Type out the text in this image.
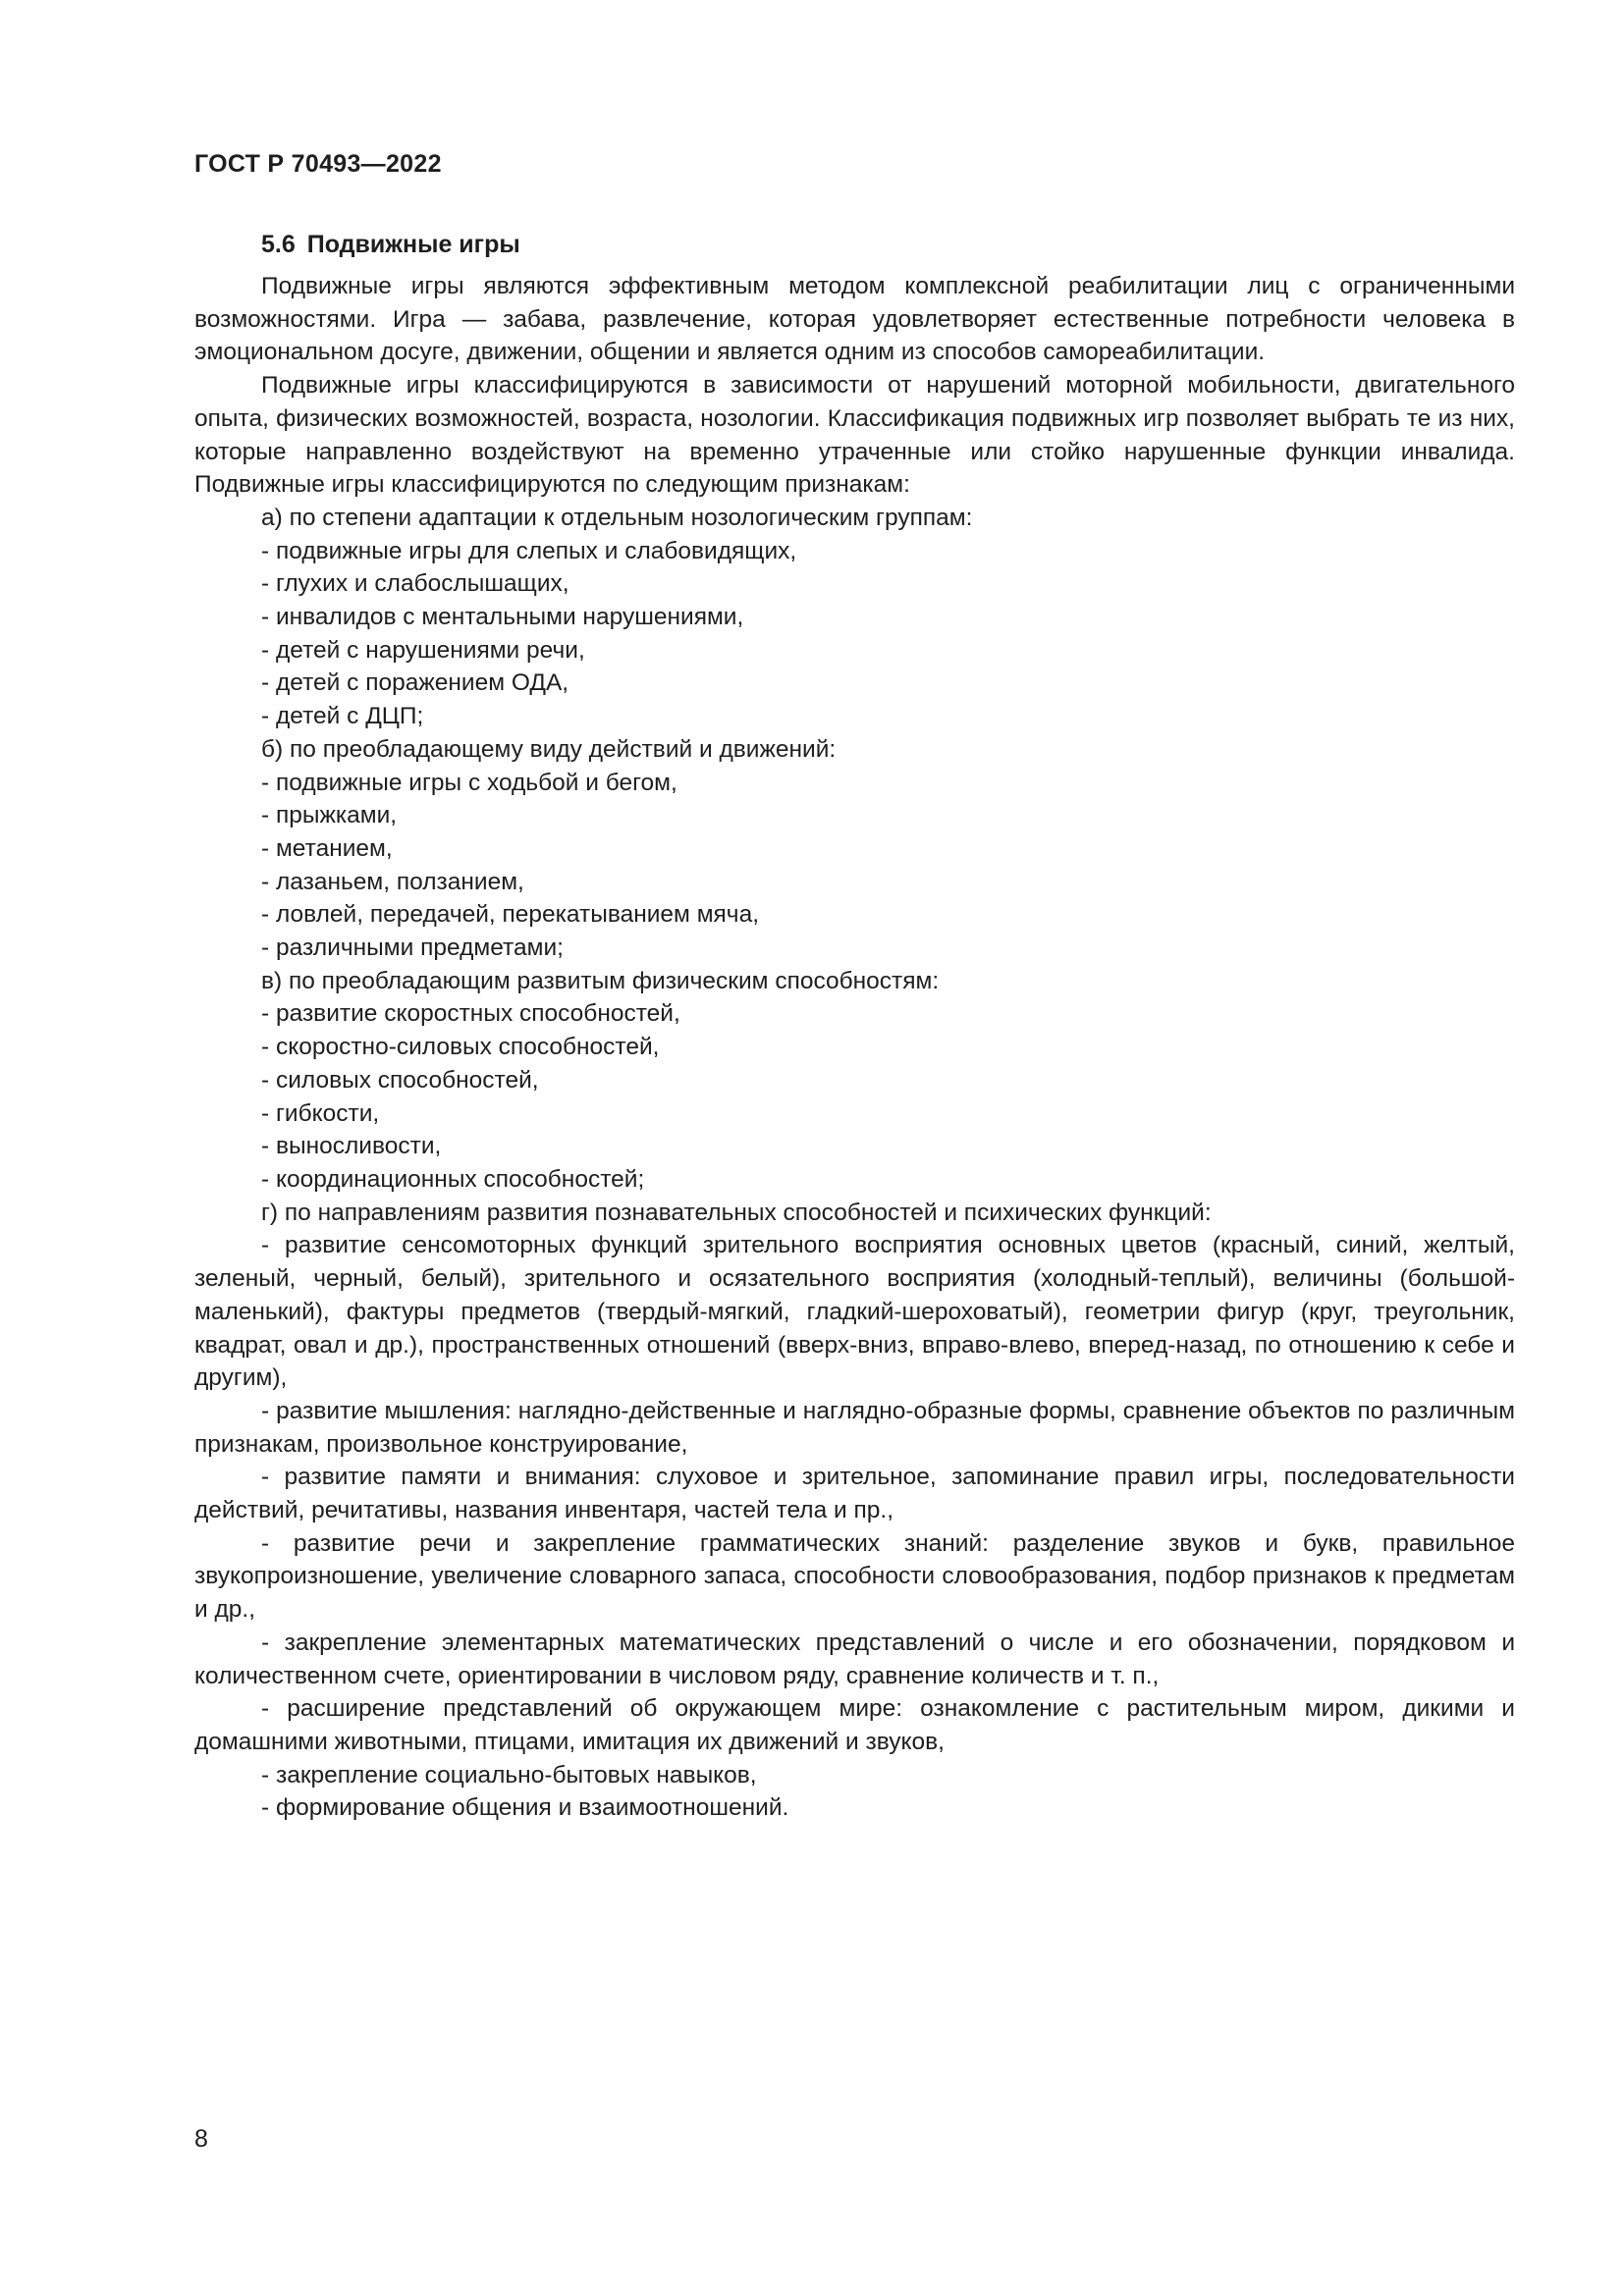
ГОСТ Р 70493—2022
5.6 Подвижные игры

Подвижные игры являются эффективным методом комплексной реабилитации лиц с ограниченными возможностями. Игра — забава, развлечение, которая удовлетворяет естественные потребности человека в эмоциональном досуге, движении, общении и является одним из способов самореабилитации.

Подвижные игры классифицируются в зависимости от нарушений моторной мобильности, двигательного опыта, физических возможностей, возраста, нозологии. Классификация подвижных игр позволяет выбрать те из них, которые направленно воздействуют на временно утраченные или стойко нарушенные функции инвалида. Подвижные игры классифицируются по следующим признакам:

а) по степени адаптации к отдельным нозологическим группам:

- подвижные игры для слепых и слабовидящих,

- глухих и слабослышащих,

- инвалидов с ментальными нарушениями,

- детей с нарушениями речи,

- детей с поражением ОДА,

- детей с ДЦП;

б) по преобладающему виду действий и движений:

- подвижные игры с ходьбой и бегом,

- прыжками,

- метанием,

- лазаньем, ползанием,

- ловлей, передачей, перекатыванием мяча,

- различными предметами;

в) по преобладающим развитым физическим способностям:

- развитие скоростных способностей,

- скоростно-силовых способностей,

- силовых способностей,

- гибкости,

- выносливости,

- координационных способностей;

г) по направлениям развития познавательных способностей и психических функций:

- развитие сенсомоторных функций зрительного восприятия основных цветов (красный, синий, желтый, зеленый, черный, белый), зрительного и осязательного восприятия (холодный-теплый), величины (большой-маленький), фактуры предметов (твердый-мягкий, гладкий-шероховатый), геометрии фигур (круг, треугольник, квадрат, овал и др.), пространственных отношений (вверх-вниз, вправо-влево, вперед-назад, по отношению к себе и другим),

- развитие мышления: наглядно-действенные и наглядно-образные формы, сравнение объектов по различным признакам, произвольное конструирование,

- развитие памяти и внимания: слуховое и зрительное, запоминание правил игры, последовательности действий, речитативы, названия инвентаря, частей тела и пр.,

- развитие речи и закрепление грамматических знаний: разделение звуков и букв, правильное звукопроизношение, увеличение словарного запаса, способности словообразования, подбор признаков к предметам и др.,

- закрепление элементарных математических представлений о числе и его обозначении, порядковом и количественном счете, ориентировании в числовом ряду, сравнение количеств и т. п.,

- расширение представлений об окружающем мире: ознакомление с растительным миром, дикими и домашними животными, птицами, имитация их движений и звуков,

- закрепление социально-бытовых навыков,

- формирование общения и взаимоотношений.

8
